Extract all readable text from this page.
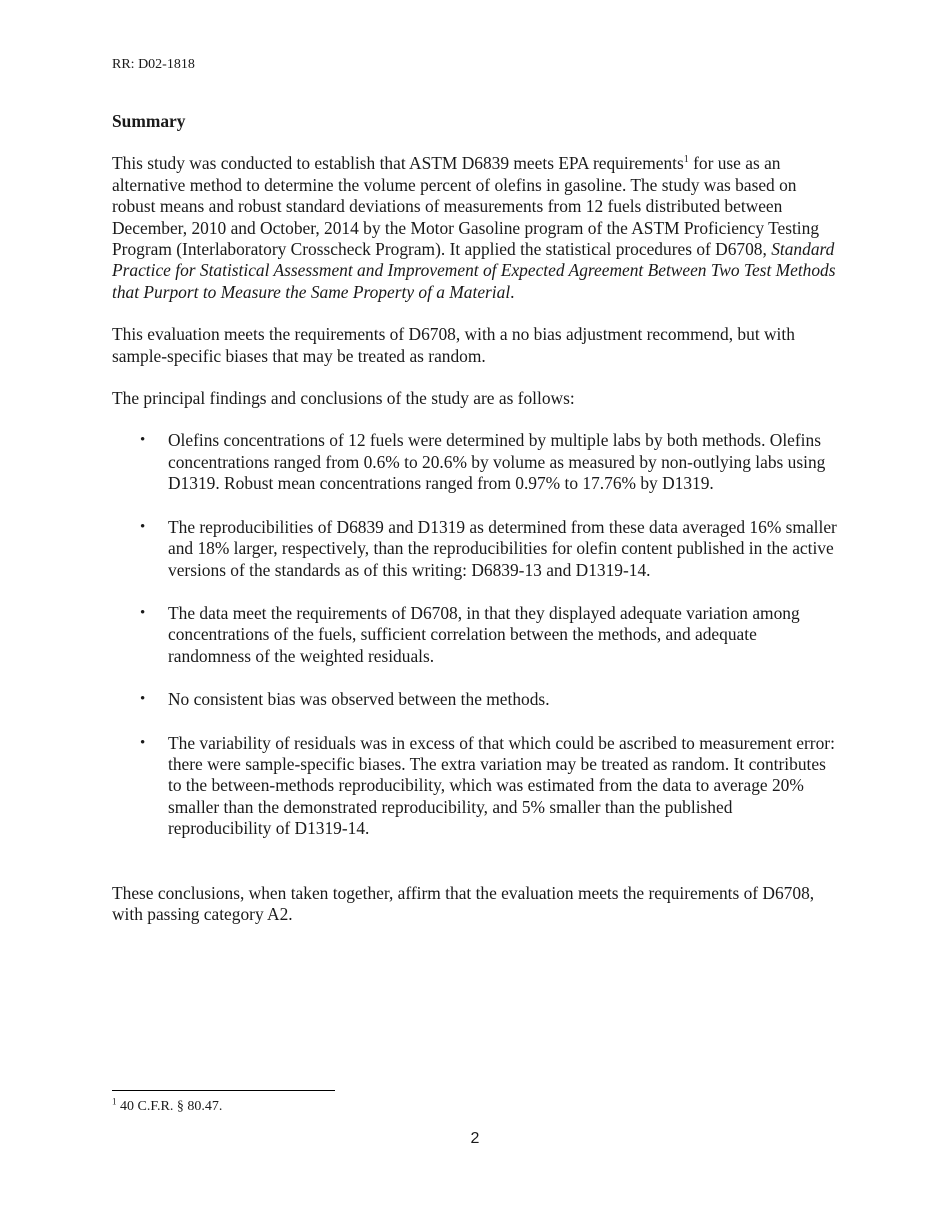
RR: D02-1818

Summary

This study was conducted to establish that ASTM D6839 meets EPA requirements$^1$ for use as an alternative method to determine the volume percent of olefins in gasoline. The study was based on robust means and robust standard deviations of measurements from 12 fuels distributed between December, 2010 and October, 2014 by the Motor Gasoline program of the ASTM Proficiency Testing Program (Interlaboratory Crosscheck Program). It applied the statistical procedures of D6708, Standard Practice for Statistical Assessment and Improvement of Expected Agreement Between Two Test Methods that Purport to Measure the Same Property of a Material.

This evaluation meets the requirements of D6708, with a no bias adjustment recommend, but with sample-specific biases that may be treated as random.

The principal findings and conclusions of the study are as follows:

• Olefins concentrations of 12 fuels were determined by multiple labs by both methods. Olefins concentrations ranged from 0.6% to 20.6% by volume as measured by non-outlying labs using D1319. Robust mean concentrations ranged from 0.97% to 17.76% by D1319.
• The reproducibilities of D6839 and D1319 as determined from these data averaged 16% smaller and 18% larger, respectively, than the reproducibilities for olefin content published in the active versions of the standards as of this writing: D6839-13 and D1319-14.
• The data meet the requirements of D6708, in that they displayed adequate variation among concentrations of the fuels, sufficient correlation between the methods, and adequate randomness of the weighted residuals.
• No consistent bias was observed between the methods.
• The variability of residuals was in excess of that which could be ascribed to measurement error: there were sample-specific biases. The extra variation may be treated as random. It contributes to the between-methods reproducibility, which was estimated from the data to average 20% smaller than the demonstrated reproducibility, and 5% smaller than the published reproducibility of D1319-14.

These conclusions, when taken together, affirm that the evaluation meets the requirements of D6708, with passing category A2.

$^1$ 40 C.F.R. § 80.47.
2
